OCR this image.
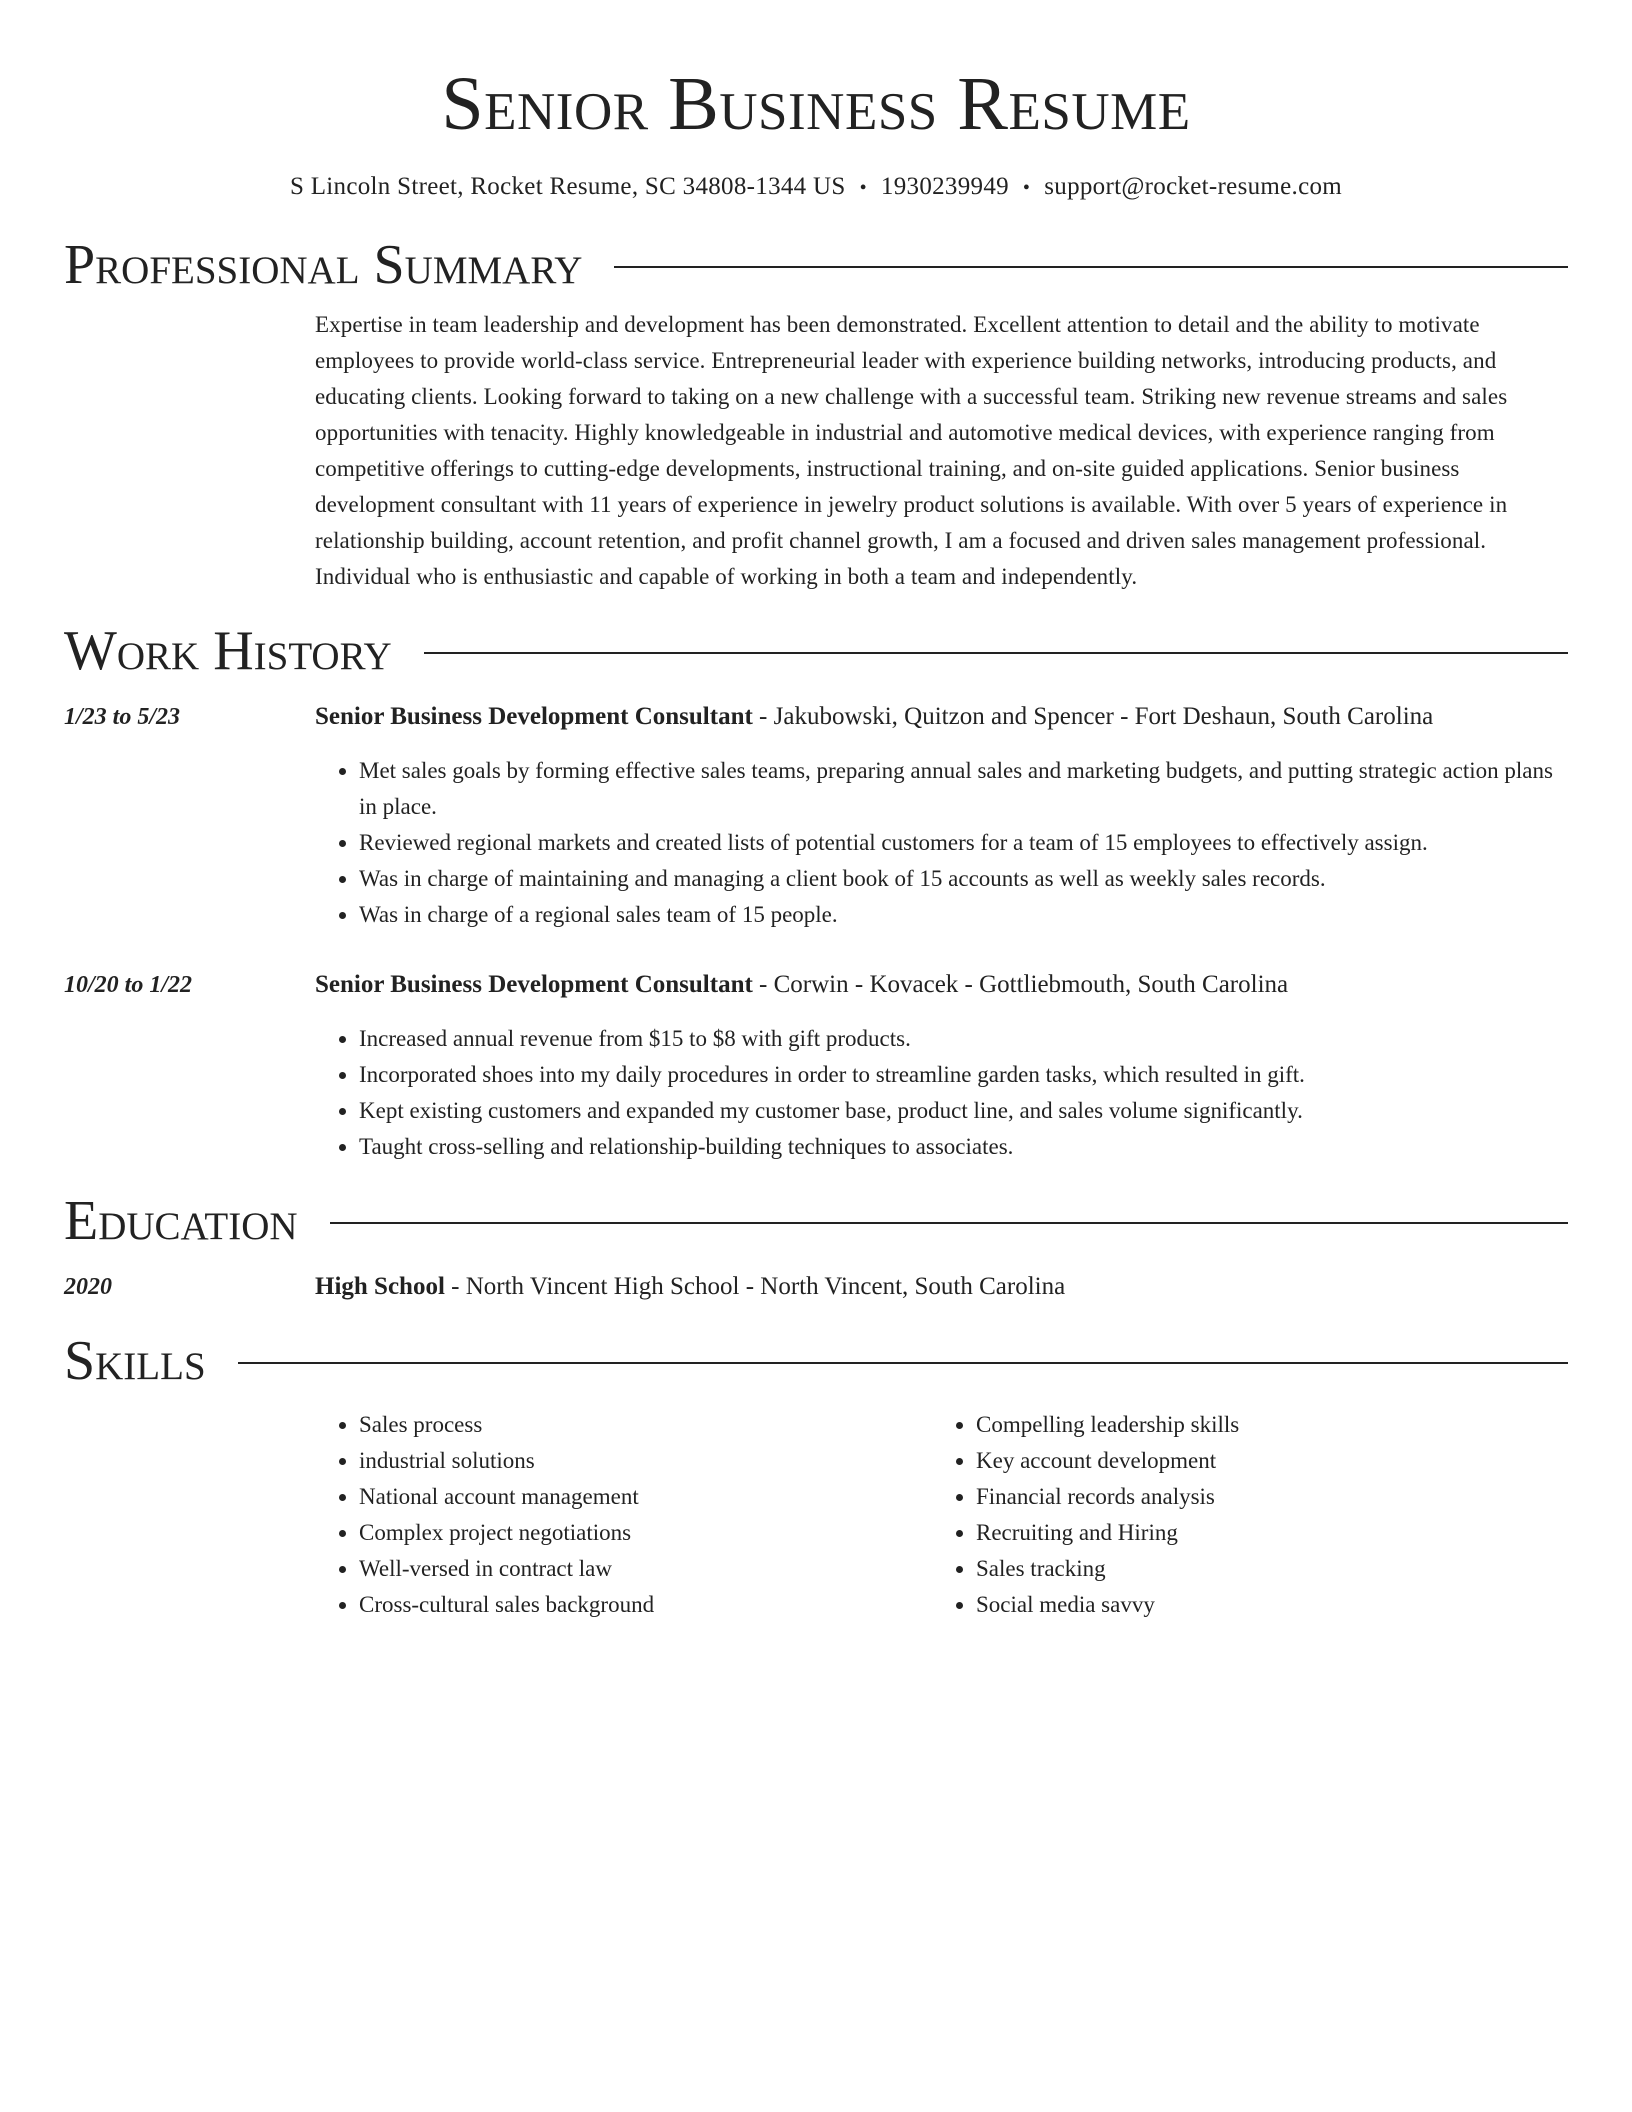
Senior Business Resume
S Lincoln Street, Rocket Resume, SC 34808-1344 US • 1930239949 • support@rocket-resume.com
Professional Summary
Expertise in team leadership and development has been demonstrated. Excellent attention to detail and the ability to motivate employees to provide world-class service. Entrepreneurial leader with experience building networks, introducing products, and educating clients. Looking forward to taking on a new challenge with a successful team. Striking new revenue streams and sales opportunities with tenacity. Highly knowledgeable in industrial and automotive medical devices, with experience ranging from competitive offerings to cutting-edge developments, instructional training, and on-site guided applications. Senior business development consultant with 11 years of experience in jewelry product solutions is available. With over 5 years of experience in relationship building, account retention, and profit channel growth, I am a focused and driven sales management professional. Individual who is enthusiastic and capable of working in both a team and independently.
Work History
1/23 to 5/23	Senior Business Development Consultant - Jakubowski, Quitzon and Spencer - Fort Deshaun, South Carolina
• Met sales goals by forming effective sales teams, preparing annual sales and marketing budgets, and putting strategic action plans in place.
• Reviewed regional markets and created lists of potential customers for a team of 15 employees to effectively assign.
• Was in charge of maintaining and managing a client book of 15 accounts as well as weekly sales records.
• Was in charge of a regional sales team of 15 people.
10/20 to 1/22	Senior Business Development Consultant - Corwin - Kovacek - Gottliebmouth, South Carolina
• Increased annual revenue from $15 to $8 with gift products.
• Incorporated shoes into my daily procedures in order to streamline garden tasks, which resulted in gift.
• Kept existing customers and expanded my customer base, product line, and sales volume significantly.
• Taught cross-selling and relationship-building techniques to associates.
Education
2020	High School - North Vincent High School - North Vincent, South Carolina
Skills
• Sales process
• industrial solutions
• National account management
• Complex project negotiations
• Well-versed in contract law
• Cross-cultural sales background
• Compelling leadership skills
• Key account development
• Financial records analysis
• Recruiting and Hiring
• Sales tracking
• Social media savvy
